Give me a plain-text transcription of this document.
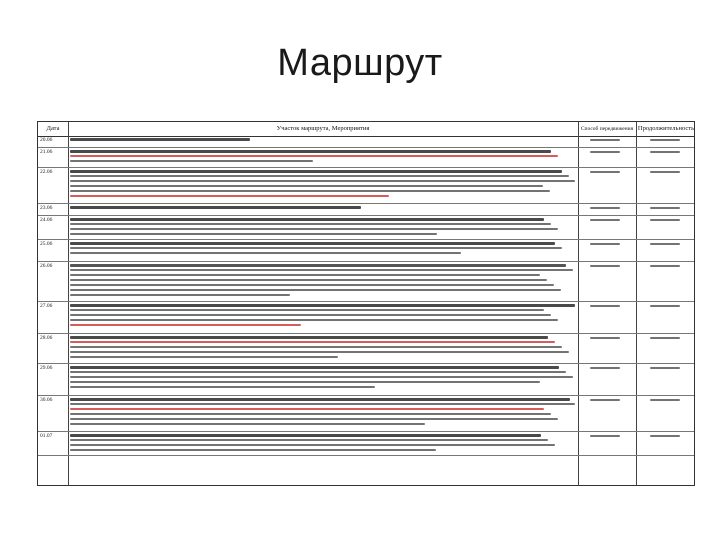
Маршрут
Дата	Участок маршрута, Мероприятия	Способ передвижения Продолжительность
20.06
21.06
22.06
23.06
24.06
25.06
26.06
27.06
28.06
29.06
30.06
01.07
